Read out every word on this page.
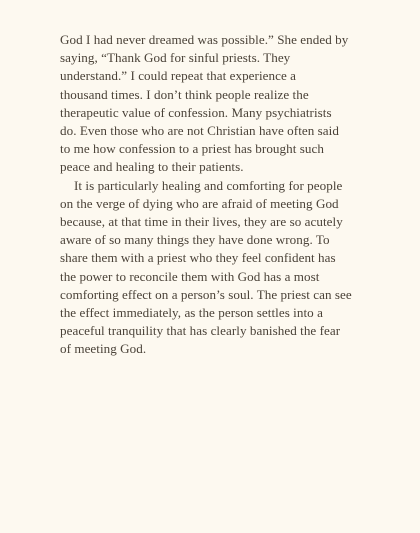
God I had never dreamed was possible.” She ended by
saying, “Thank God for sinful priests. They
understand.” I could repeat that experience a
thousand times. I don’t think people realize the
therapeutic value of confession. Many psychiatrists
do. Even those who are not Christian have often said
to me how confession to a priest has brought such
peace and healing to their patients.

It is particularly healing and comforting for people
on the verge of dying who are afraid of meeting God
because, at that time in their lives, they are so acutely
aware of so many things they have done wrong. To
share them with a priest who they feel confident has
the power to reconcile them with God has a most
comforting effect on a person’s soul. The priest can see
the effect immediately, as the person settles into a
peaceful tranquility that has clearly banished the fear
of meeting God.
